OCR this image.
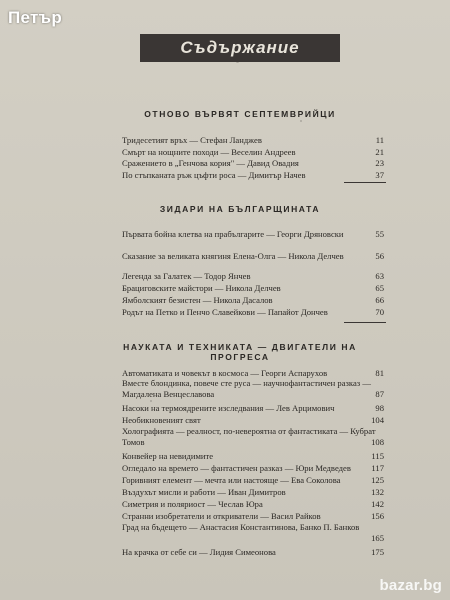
Петър
Съдържание
ОТНОВО ВЪРВЯТ СЕПТЕМВРИЙЦИ
Тридесетият връх — Стефан Ланджев	11
Смърт на нощните походи — Веселин Андреев	21
Сражението в „Генчова кория" — Давид Овадия	23
По стъпканата ръж цъфти роса — Димитър Начев	37
ЗИДАРИ НА БЪЛГАРЩИНАТА
Първата бойна клетва на прабългарите — Георги Дряновски	55
Сказание за великата княгиня Елена-Олга — Никола Делчев	56
Легенда за Галатек — Тодор Янчев	63
Брациговските майстори — Никола Делчев	65
Ямболският безистен — Никола Дасалов	66
Родът на Петко и Пенчо Славейкови — Папайот Дончев	70
НАУКАТА И ТЕХНИКАТА — ДВИГАТЕЛИ НА ПРОГРЕСА
Автоматиката и човекът в космоса — Георги Аспарухов	81
Вместе блондинка, повече сте руса — научнофантастичен разказ — Магдалена Венцеславова	87
Насоки на термоядрените изследвания — Лев Арцимович	98
Необикновеният свят	104
Холографията — реалност, по-невероятна от фантастиката — Кубрат Томов	108
Конвейер на невидимите	115
Огледало на времето — фантастичен разказ — Юри Медведев 117
Горивният елемент — мечта или настояще — Ева Соколова	125
Въздухът мисли и работи — Иван Димитров	132
Симетрия и поляриост — Чеслав Юра	142
Странни изобретатели и откриватели — Васил Райков	156
Град на бъдещето — Анастасия Константинова, Банко П. Банков
165
На крачка от себе си — Лидия Симеонова	175
bazar.bg
